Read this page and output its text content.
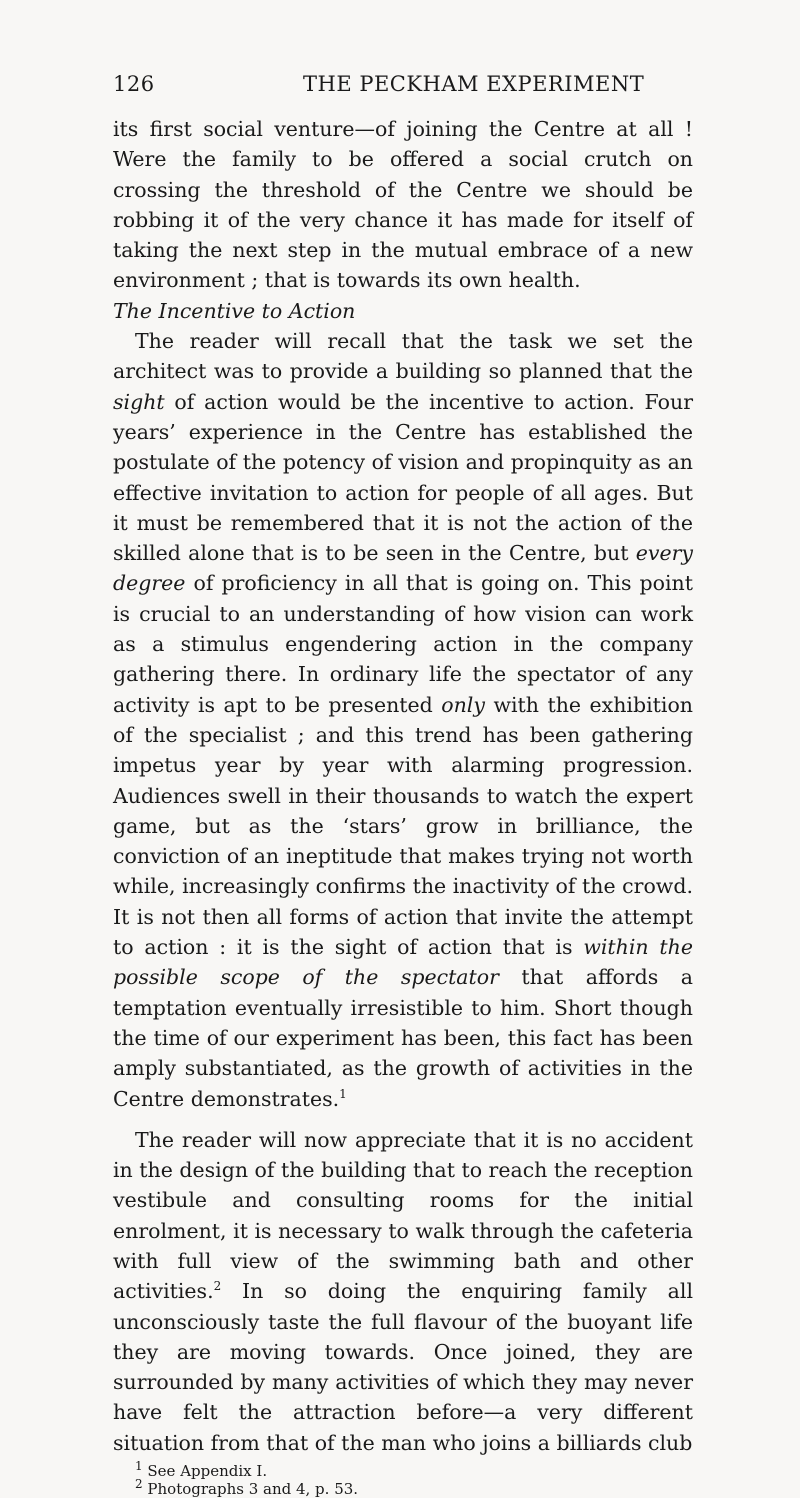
126	THE PECKHAM EXPERIMENT

its first social venture—of joining the Centre at all ! Were the family to be offered a social crutch on crossing the threshold of the Centre we should be robbing it of the very chance it has made for itself of taking the next step in the mutual embrace of a new environment ; that is towards its own health.

The Incentive to Action

The reader will recall that the task we set the architect was to provide a building so planned that the sight of action would be the incentive to action. Four years’ experience in the Centre has established the postulate of the potency of vision and propinquity as an effective invitation to action for people of all ages. But it must be remembered that it is not the action of the skilled alone that is to be seen in the Centre, but every degree of proficiency in all that is going on. This point is crucial to an understanding of how vision can work as a stimulus engendering action in the company gathering there. In ordinary life the spectator of any activity is apt to be presented only with the exhibition of the specialist ; and this trend has been gathering impetus year by year with alarming progression. Audiences swell in their thousands to watch the expert game, but as the ‘stars’ grow in brilliance, the conviction of an ineptitude that makes trying not worth while, increasingly confirms the inactivity of the crowd. It is not then all forms of action that invite the attempt to action : it is the sight of action that is within the possible scope of the spectator that affords a temptation eventually irresistible to him. Short though the time of our experiment has been, this fact has been amply substantiated, as the growth of activities in the Centre demonstrates.$^1$

The reader will now appreciate that it is no accident in the design of the building that to reach the reception vestibule and consulting rooms for the initial enrolment, it is necessary to walk through the cafeteria with full view of the swimming bath and other activities.$^2$ In so doing the enquiring family all unconsciously taste the full flavour of the buoyant life they are moving towards. Once joined, they are surrounded by many activities of which they may never have felt the attraction before—a very different situation from that of the man who joins a billiards club

$^1$ See Appendix I.
$^2$ Photographs 3 and 4, p. 53.
